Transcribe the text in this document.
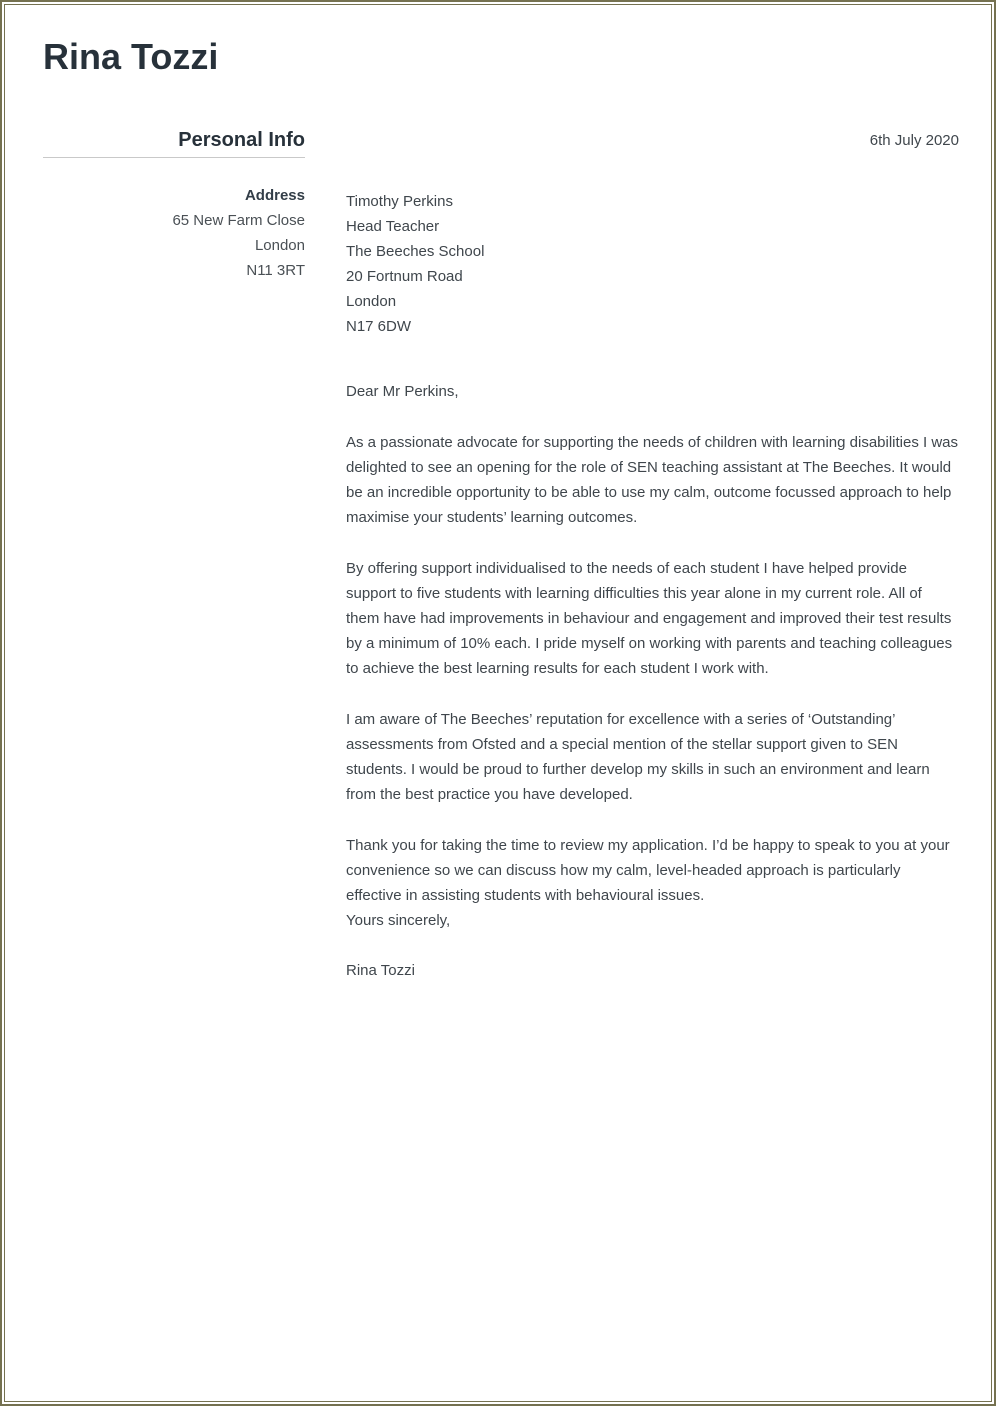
Rina Tozzi
Personal Info
Address
65 New Farm Close
London
N11 3RT
6th July 2020
Timothy Perkins
Head Teacher
The Beeches School
20 Fortnum Road
London
N17 6DW

Dear Mr Perkins,

As a passionate advocate for supporting the needs of children with learning disabilities I was delighted to see an opening for the role of SEN teaching assistant at The Beeches. It would be an incredible opportunity to be able to use my calm, outcome focussed approach to help maximise your students’ learning outcomes.

By offering support individualised to the needs of each student I have helped provide support to five students with learning difficulties this year alone in my current role. All of them have had improvements in behaviour and engagement and improved their test results by a minimum of 10% each. I pride myself on working with parents and teaching colleagues to achieve the best learning results for each student I work with.

I am aware of The Beeches’ reputation for excellence with a series of ‘Outstanding’ assessments from Ofsted and a special mention of the stellar support given to SEN students. I would be proud to further develop my skills in such an environment and learn from the best practice you have developed.

Thank you for taking the time to review my application. I’d be happy to speak to you at your convenience so we can discuss how my calm, level-headed approach is particularly effective in assisting students with behavioural issues.

Yours sincerely,

Rina Tozzi
